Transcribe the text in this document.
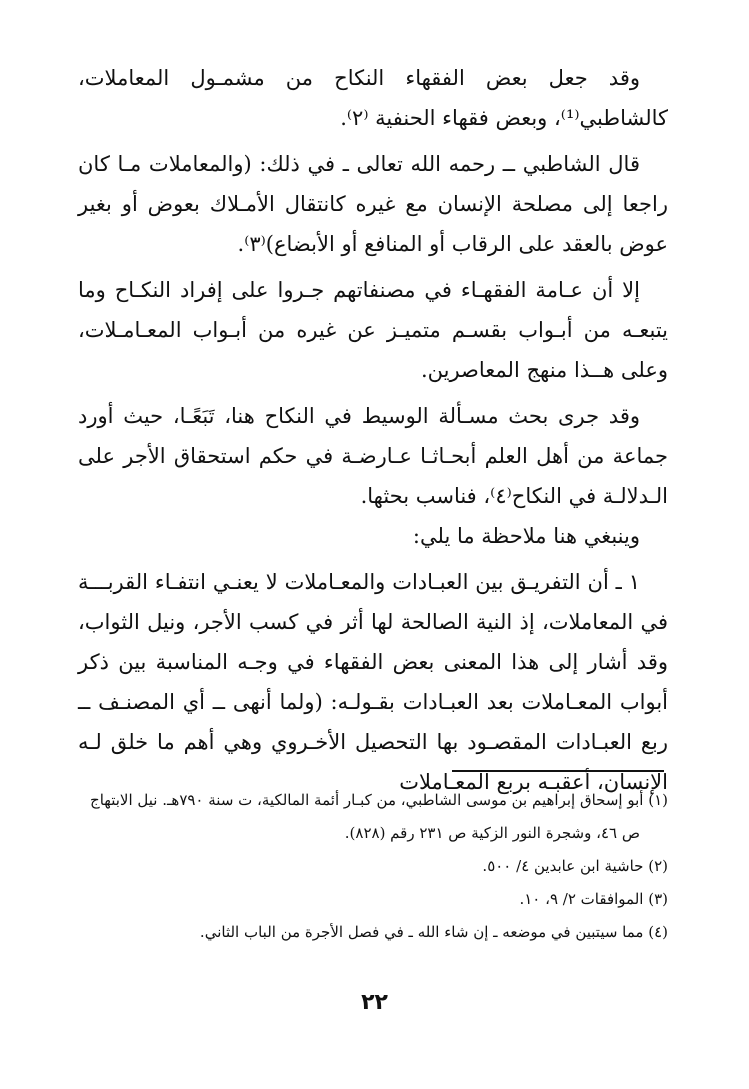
وقد جعل بعض الفقهاء النكاح من مشمـول المعاملات، كالشاطبي⁽¹⁾، وبعض فقهاء الحنفية ⁽٢⁾.

قال الشاطبي ــ رحمه الله تعالى ـ في ذلك: (والمعاملات مـا كان راجعا إلى مصلحة الإنسان مع غيره كانتقال الأمـلاك بعوض أو بغير عوض بالعقد على الرقاب أو المنافع أو الأبضاع)⁽٣⁾.

إلا أن عـامة الفقهـاء في مصنفاتهم جـروا على إفراد النكـاح وما يتبعـه من أبـواب بقسـم متميـز عن غيره من أبـواب المعـامـلات، وعلى هــذا منهج المعاصرين.

وقد جرى بحث مسـألة الوسيط في النكاح هنا، تَبَعًـا، حيث أورد جماعة من أهل العلم أبحـاثـا عـارضـة في حكم استحقاق الأجر على الـدلالـة في النكاح⁽٤⁾، فناسب بحثها.

وينبغي هنا ملاحظة ما يلي:

١ ـ أن التفريـق بين العبـادات والمعـاملات لا يعنـي انتفـاء القربـــة في المعاملات، إذ النية الصالحة لها أثر في كسب الأجر، ونيل الثواب، وقد أشار إلى هذا المعنى بعض الفقهاء في وجـه المناسبة بين ذكر أبواب المعـاملات بعد العبـادات بقـولـه: (ولما أنهى ــ أي المصنـف ــ ربع العبـادات المقصـود بها التحصيل الأخـروي وهي أهم ما خلق لـه الإنسان، أعقبـه بربع المعـاملات

(١) أبو إسحاق إبراهيم بن موسى الشاطبي، من كبـار أئمة المالكية، ت سنة ٧٩٠هـ. نيل الابتهاج

ص ٤٦، وشجرة النور الزكية ص ٢٣١ رقم (٨٢٨).

(٢) حاشية ابن عابدين ٤/ ٥٠٠.

(٣) الموافقات ٢/ ٩، ١٠.

(٤) مما سيتبين في موضعه ـ إن شاء الله ـ في فصل الأجرة من الباب الثاني.

٢٢
